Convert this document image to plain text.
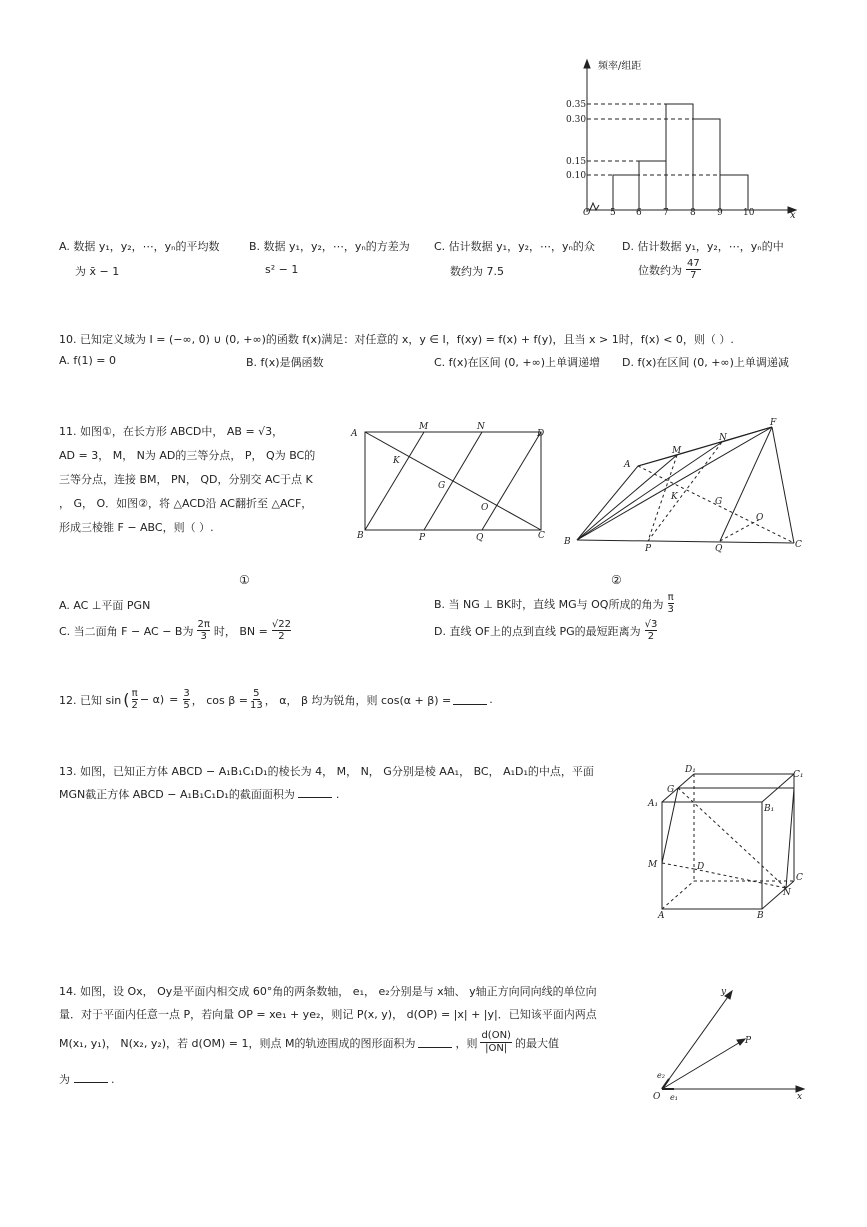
频率/组距
0.35
0.30
0.15
0.10
O 5 6 7 8 9 10	x
A. 数据 y₁，y₂，⋯，yₙ的平均数
为 x̄ − 1
B. 数据 y₁，y₂，⋯，yₙ的方差为
s² − 1
C. 估计数据 y₁，y₂，⋯，yₙ的众
数约为 7.5
D. 估计数据 y₁，y₂，⋯，yₙ的中
位数约为 47
7
10. 已知定义域为 I = (−∞, 0) ∪ (0, +∞)的函数 f(x)满足：对任意的 x，y ∈ I，f(xy) = f(x) + f(y)，且当 x > 1时，f(x) < 0，则（ ）.
A. f(1) = 0	B. f(x)是偶函数	C. f(x)在区间 (0, +∞)上单调递增 D. f(x)在区间 (0, +∞)上单调递减
11. 如图①，在长方形 ABCD中， AB = √3，
AD = 3， M， N为 AD的三等分点， P， Q为 BC的
三等分点，连接 BM， PN， QD，分别交 AC于点 K
， G， O．如图②，将 △ACD沿 AC翻折至 △ACF，
形成三棱锥 F − ABC，则（ ）.
A	D
B	C
M	N
P	Q
K
G
O
A
B	C
F
M
N
P	Q
K	G
O
①	②
A. AC ⊥平面 PGN	B. 当 NG ⊥ BK时，直线 MG与 OQ所成的角为 π
3
C. 当二面角 F − AC − B为 2π
3 时， BN = $\frac{√22}{2}$	D. 直线 OF上的点到直线 PG的最短距离为 √3
2
12. 已知 sin ( π
$2 - \alpha) = \frac{3}{5}$ ， $\cos \beta = \frac{5}{13}$ ， α， β 均为锐角，则 cos(α + β) =	.
13. 如图，已知正方体 ABCD − A₁B₁C₁D₁的棱长为 4， M， N， G分别是棱 AA₁， BC， A₁D₁的中点，平面
MGN截正方体 ABCD − A₁B₁C₁D₁的截面面积为	.
D₁	C₁
A₁	B₁
G
M	D
C
N
A	B
14. 如图，设 Ox， Oy是平面内相交成 60°角的两条数轴， e₁， e₂分别是与 x轴、 y轴正方向同向线的单位向
量．对于平面内任意一点 P，若向量 OP = xe₁ + ye₂，则记 P(x, y)， d(OP) = |x| + |y|．已知该平面内两点
M(x₁, y₁)， N(x₂, y₂)，若 d(OM) = 1，则点 M的轨迹围成的图形面积为	，则
d(ON)
|ON| 的最大值
为	.
y
x
P
O
e₂
e₁
